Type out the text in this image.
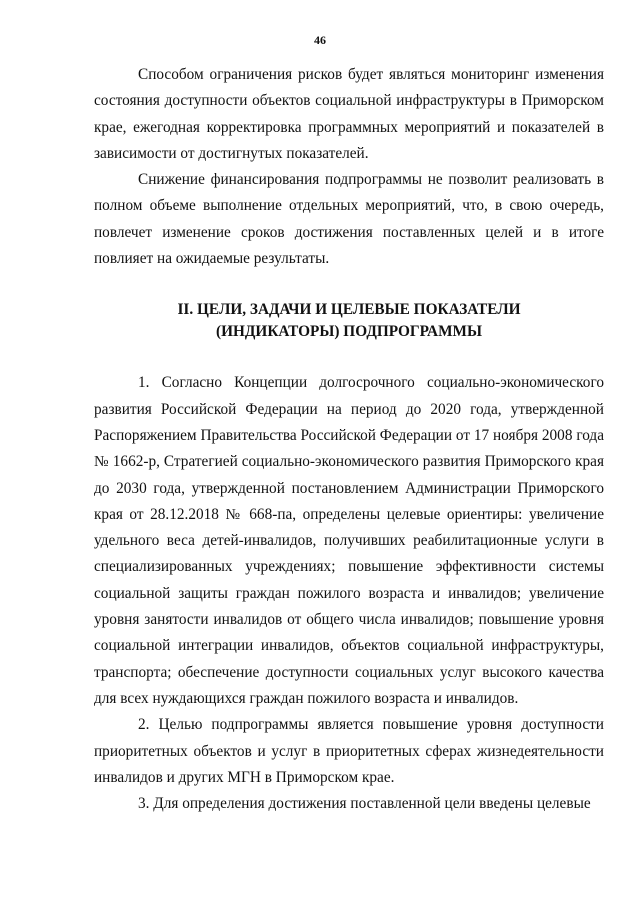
46

Способом ограничения рисков будет являться мониторинг изменения состояния доступности объектов социальной инфраструктуры в Приморском крае, ежегодная корректировка программных мероприятий и показателей в зависимости от достигнутых показателей.

Снижение финансирования подпрограммы не позволит реализовать в полном объеме выполнение отдельных мероприятий, что, в свою очередь, повлечет изменение сроков достижения поставленных целей и в итоге повлияет на ожидаемые результаты.

II. ЦЕЛИ, ЗАДАЧИ И ЦЕЛЕВЫЕ ПОКАЗАТЕЛИ
(ИНДИКАТОРЫ) ПОДПРОГРАММЫ

1. Согласно Концепции долгосрочного социально-экономического развития Российской Федерации на период до 2020 года, утвержденной Распоряжением Правительства Российской Федерации от 17 ноября 2008 года № 1662-р, Стратегией социально-экономического развития Приморского края до 2030 года, утвержденной постановлением Администрации Приморского края от 28.12.2018 № 668-па, определены целевые ориентиры: увеличение удельного веса детей-инвалидов, получивших реабилитационные услуги в специализированных учреждениях; повышение эффективности системы социальной защиты граждан пожилого возраста и инвалидов; увеличение уровня занятости инвалидов от общего числа инвалидов; повышение уровня социальной интеграции инвалидов, объектов социальной инфраструктуры, транспорта; обеспечение доступности социальных услуг высокого качества для всех нуждающихся граждан пожилого возраста и инвалидов.

2. Целью подпрограммы является повышение уровня доступности приоритетных объектов и услуг в приоритетных сферах жизнедеятельности инвалидов и других МГН в Приморском крае.

3. Для определения достижения поставленной цели введены целевые
